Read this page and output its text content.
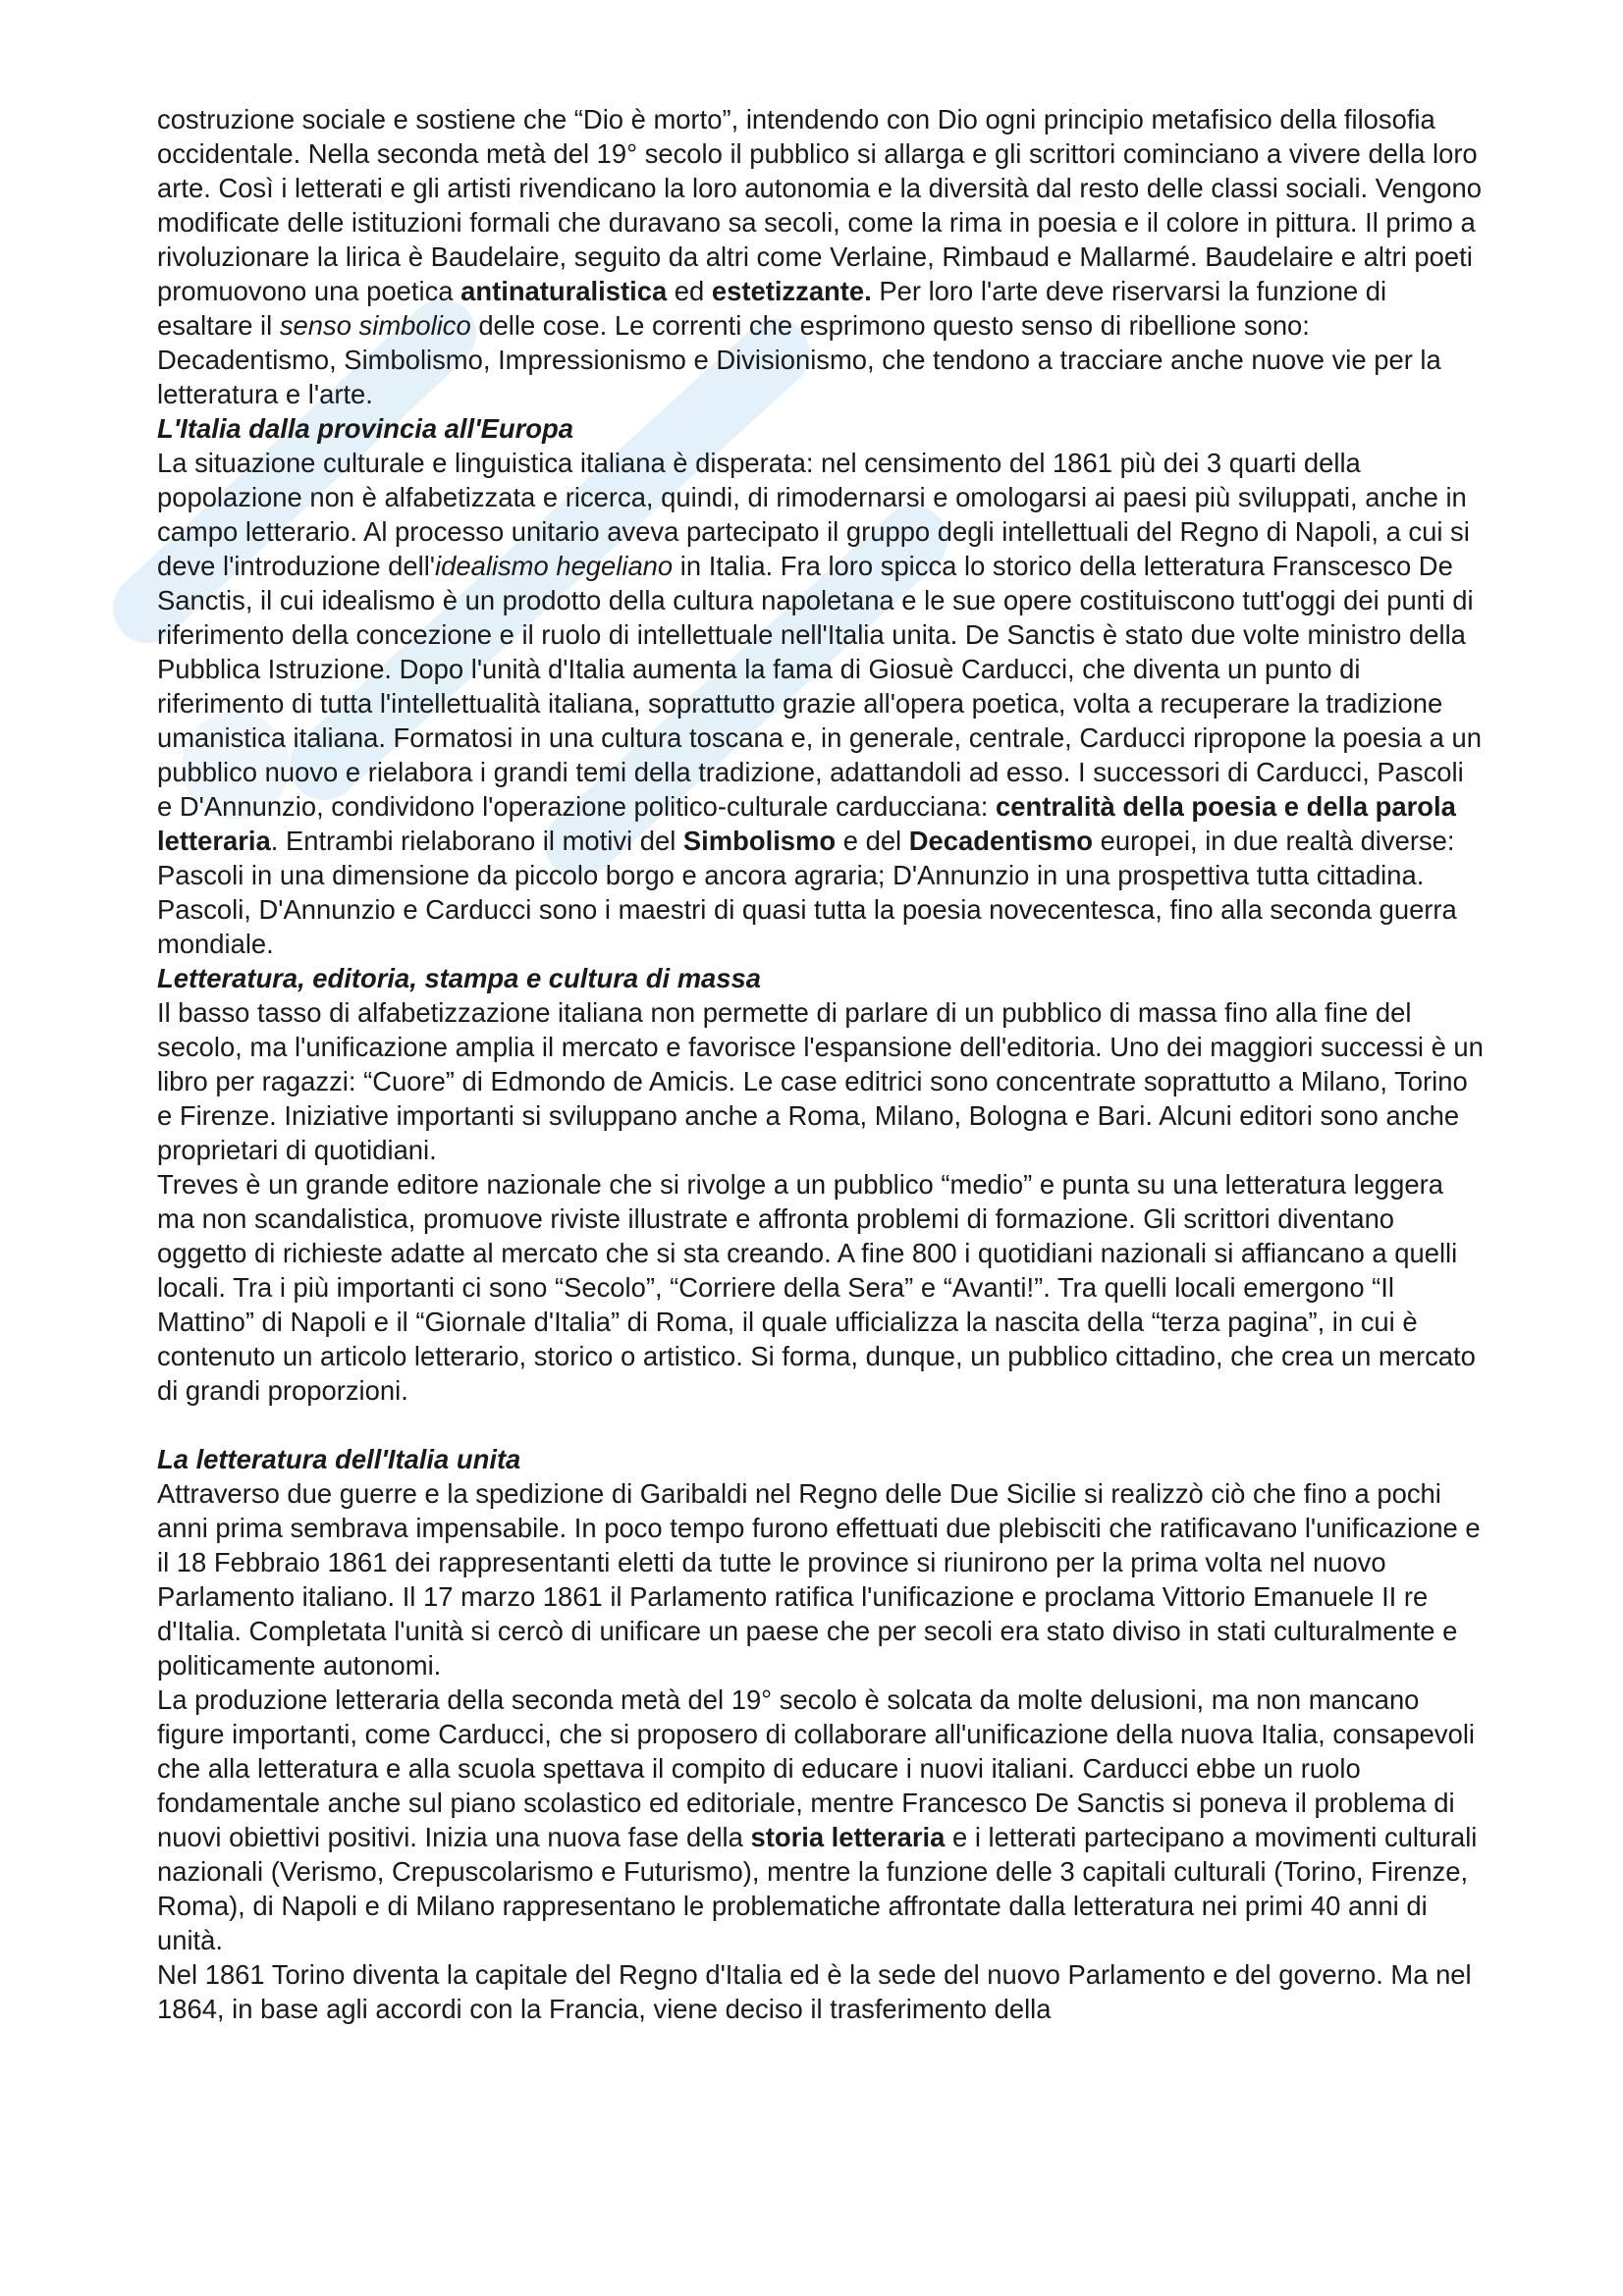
costruzione sociale e sostiene che “Dio è morto”, intendendo con Dio ogni principio metafisico della filosofia occidentale. Nella seconda metà del 19° secolo il pubblico si allarga e gli scrittori cominciano a vivere della loro arte. Così i letterati e gli artisti rivendicano la loro autonomia e la diversità dal resto delle classi sociali. Vengono modificate delle istituzioni formali che duravano sa secoli, come la rima in poesia e il colore in pittura. Il primo a rivoluzionare la lirica è Baudelaire, seguito da altri come Verlaine, Rimbaud e Mallarmé. Baudelaire e altri poeti promuovono una poetica antinaturalistica ed estetizzante. Per loro l'arte deve riservarsi la funzione di esaltare il senso simbolico delle cose. Le correnti che esprimono questo senso di ribellione sono: Decadentismo, Simbolismo, Impressionismo e Divisionismo, che tendono a tracciare anche nuove vie per la letteratura e l'arte.

L'Italia dalla provincia all'Europa

La situazione culturale e linguistica italiana è disperata: nel censimento del 1861 più dei 3 quarti della popolazione non è alfabetizzata e ricerca, quindi, di rimodernarsi e omologarsi ai paesi più sviluppati, anche in campo letterario. Al processo unitario aveva partecipato il gruppo degli intellettuali del Regno di Napoli, a cui si deve l'introduzione dell'idealismo hegeliano in Italia. Fra loro spicca lo storico della letteratura Franscesco De Sanctis, il cui idealismo è un prodotto della cultura napoletana e le sue opere costituiscono tutt'oggi dei punti di riferimento della concezione e il ruolo di intellettuale nell'Italia unita. De Sanctis è stato due volte ministro della Pubblica Istruzione. Dopo l'unità d'Italia aumenta la fama di Giosuè Carducci, che diventa un punto di riferimento di tutta l'intellettualità italiana, soprattutto grazie all'opera poetica, volta a recuperare la tradizione umanistica italiana. Formatosi in una cultura toscana e, in generale, centrale, Carducci ripropone la poesia a un pubblico nuovo e rielabora i grandi temi della tradizione, adattandoli ad esso. I successori di Carducci, Pascoli e D'Annunzio, condividono l'operazione politico-culturale carducciana: centralità della poesia e della parola letteraria. Entrambi rielaborano il motivi del Simbolismo e del Decadentismo europei, in due realtà diverse: Pascoli in una dimensione da piccolo borgo e ancora agraria; D'Annunzio in una prospettiva tutta cittadina.

Pascoli, D'Annunzio e Carducci sono i maestri di quasi tutta la poesia novecentesca, fino alla seconda guerra mondiale.

Letteratura, editoria, stampa e cultura di massa

Il basso tasso di alfabetizzazione italiana non permette di parlare di un pubblico di massa fino alla fine del secolo, ma l'unificazione amplia il mercato e favorisce l'espansione dell'editoria. Uno dei maggiori successi è un libro per ragazzi: “Cuore” di Edmondo de Amicis. Le case editrici sono concentrate soprattutto a Milano, Torino e Firenze. Iniziative importanti si sviluppano anche a Roma, Milano, Bologna e Bari. Alcuni editori sono anche proprietari di quotidiani.

Treves è un grande editore nazionale che si rivolge a un pubblico “medio” e punta su una letteratura leggera ma non scandalistica, promuove riviste illustrate e affronta problemi di formazione. Gli scrittori diventano oggetto di richieste adatte al mercato che si sta creando. A fine 800 i quotidiani nazionali si affiancano a quelli locali. Tra i più importanti ci sono “Secolo”, “Corriere della Sera” e “Avanti!”. Tra quelli locali emergono “Il Mattino” di Napoli e il “Giornale d'Italia” di Roma, il quale ufficializza la nascita della “terza pagina”, in cui è contenuto un articolo letterario, storico o artistico. Si forma, dunque, un pubblico cittadino, che crea un mercato di grandi proporzioni.

La letteratura dell'Italia unita

Attraverso due guerre e la spedizione di Garibaldi nel Regno delle Due Sicilie si realizzò ciò che fino a pochi anni prima sembrava impensabile. In poco tempo furono effettuati due plebisciti che ratificavano l'unificazione e il 18 Febbraio 1861 dei rappresentanti eletti da tutte le province si riunirono per la prima volta nel nuovo Parlamento italiano. Il 17 marzo 1861 il Parlamento ratifica l'unificazione e proclama Vittorio Emanuele II re d'Italia. Completata l'unità si cercò di unificare un paese che per secoli era stato diviso in stati culturalmente e politicamente autonomi.

La produzione letteraria della seconda metà del 19° secolo è solcata da molte delusioni, ma non mancano figure importanti, come Carducci, che si proposero di collaborare all'unificazione della nuova Italia, consapevoli che alla letteratura e alla scuola spettava il compito di educare i nuovi italiani. Carducci ebbe un ruolo fondamentale anche sul piano scolastico ed editoriale, mentre Francesco De Sanctis si poneva il problema di nuovi obiettivi positivi. Inizia una nuova fase della storia letteraria e i letterati partecipano a movimenti culturali nazionali (Verismo, Crepuscolarismo e Futurismo), mentre la funzione delle 3 capitali culturali (Torino, Firenze, Roma), di Napoli e di Milano rappresentano le problematiche affrontate dalla letteratura nei primi 40 anni di unità.

Nel 1861 Torino diventa la capitale del Regno d'Italia ed è la sede del nuovo Parlamento e del governo. Ma nel 1864, in base agli accordi con la Francia, viene deciso il trasferimento della
